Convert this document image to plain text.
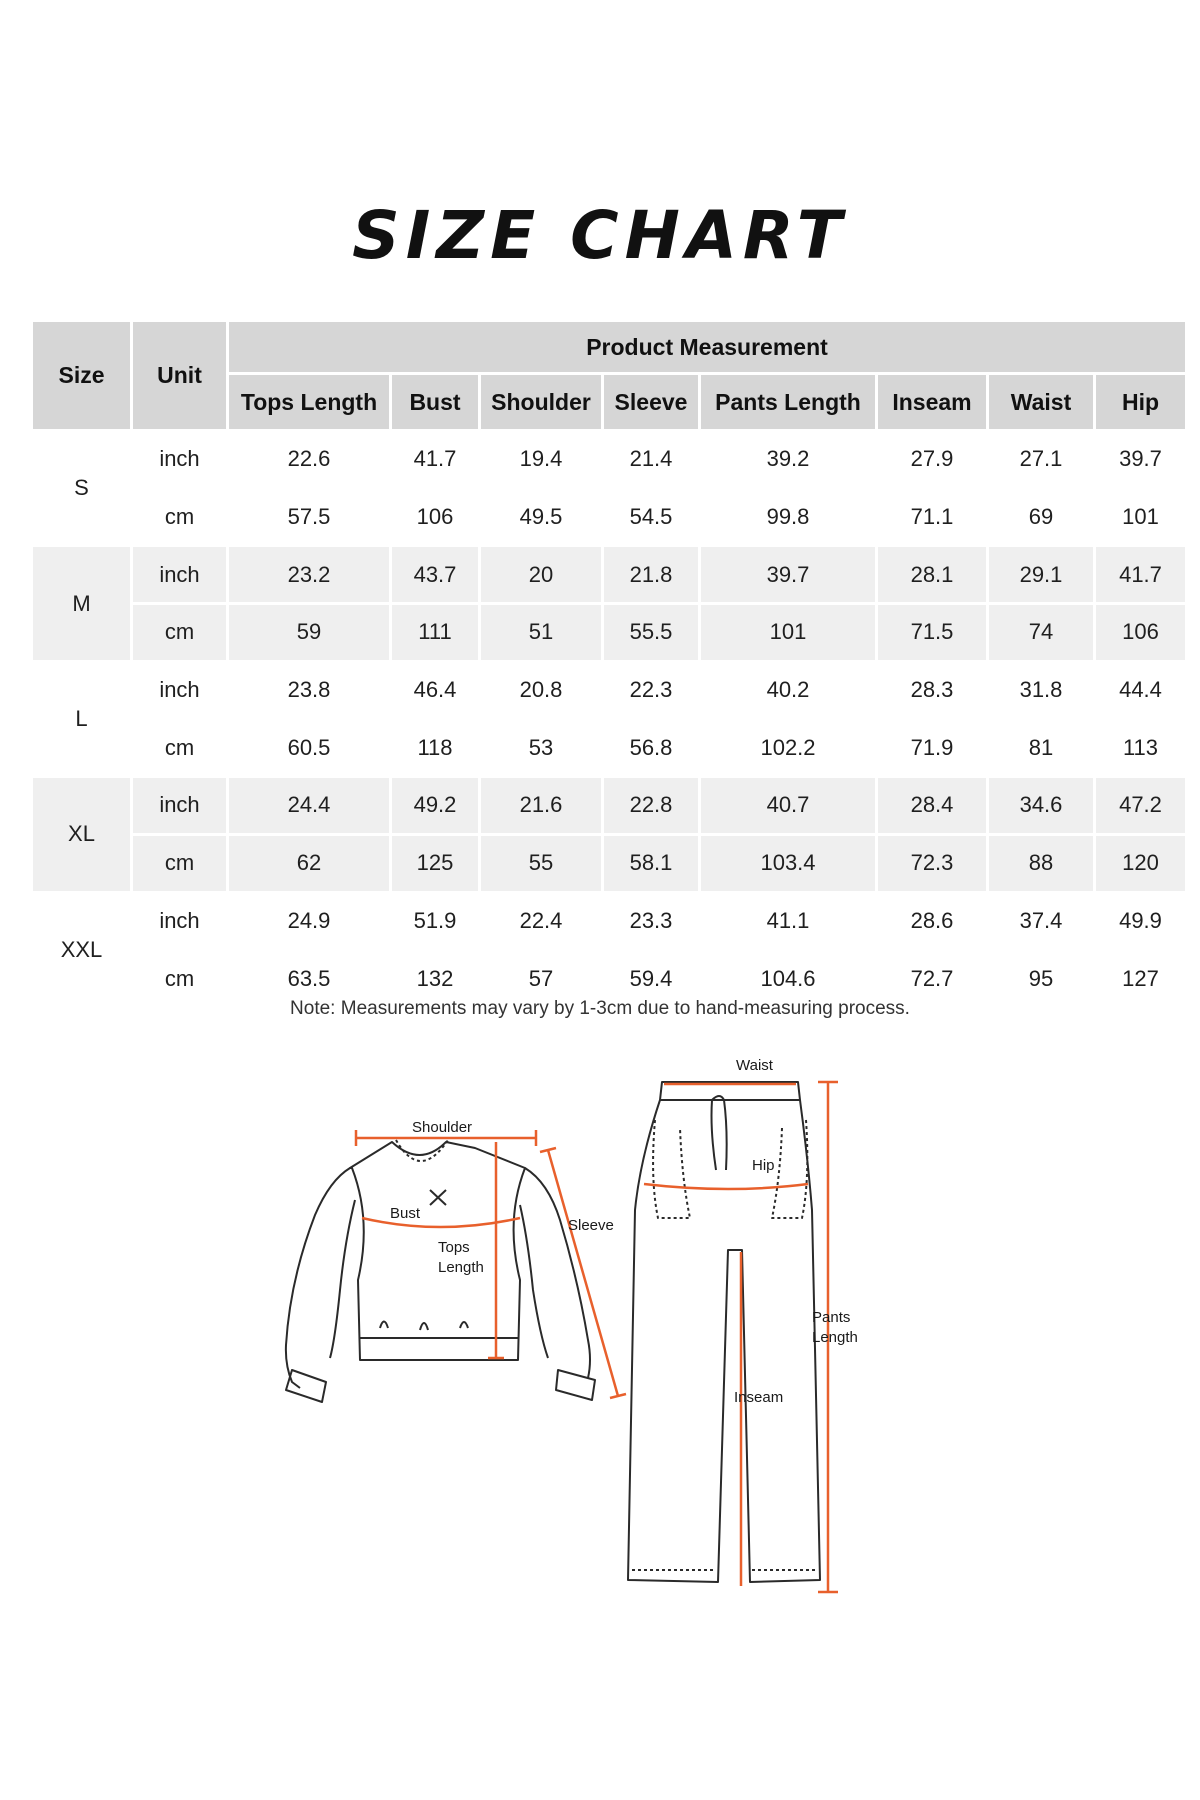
SIZE CHART
Size	Unit
Product Measurement
Tops Length	Bust	Shoulder	Sleeve	Pants Length	Inseam	Waist	Hip
S
inch	22.6	41.7	19.4	21.4	39.2	27.9	27.1	39.7
cm	57.5	106	49.5	54.5	99.8	71.1	69	101
M
inch	23.2	43.7	20	21.8	39.7	28.1	29.1	41.7
cm	59	111	51	55.5	101	71.5	74	106
L
inch	23.8	46.4	20.8	22.3	40.2	28.3	31.8	44.4
cm	60.5	118	53	56.8	102.2	71.9	81	113
XL
inch	24.4	49.2	21.6	22.8	40.7	28.4	34.6	47.2
cm	62	125	55	58.1	103.4	72.3	88	120
XXL
inch	24.9	51.9	22.4	23.3	41.1	28.6	37.4	49.9
cm	63.5	132	57	59.4	104.6	72.7	95	127
Note: Measurements may vary by 1-3cm due to hand-measuring process.
Shoulder
Bust
Tops
Length
Sleeve
Waist
Hip
Pants
Length
Inseam
